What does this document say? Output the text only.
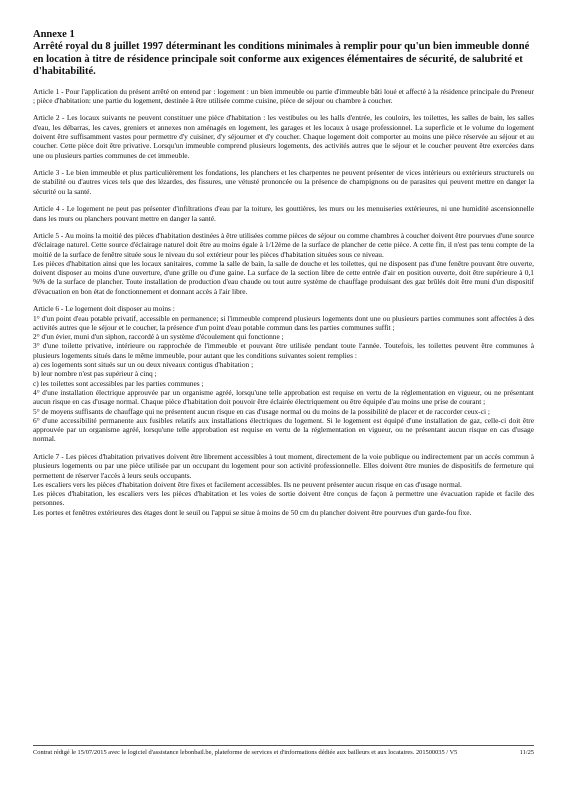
Annexe 1

Arrêté royal du 8 juillet 1997 déterminant les conditions minimales à remplir pour qu'un bien immeuble donné en location à titre de résidence principale soit conforme aux exigences élémentaires de sécurité, de salubrité et d'habitabilité.

Article 1 - Pour l'application du présent arrêté on entend par : logement : un bien immeuble ou partie d'immeuble bâti loué et affecté à la résidence principale du Preneur ; pièce d'habitation: une partie du logement, destinée à être utilisée comme cuisine, pièce de séjour ou chambre à coucher.

Article 2 - Les locaux suivants ne peuvent constituer une pièce d'habitation : les vestibules ou les halls d'entrée, les couloirs, les toilettes, les salles de bain, les salles d'eau, les débarras, les caves, greniers et annexes non aménagés en logement, les garages et les locaux à usage professionnel. La superficie et le volume du logement doivent être suffisamment vastes pour permettre d'y cuisiner, d'y séjourner et d'y coucher. Chaque logement doit comporter au moins une pièce réservée au séjour et au coucher. Cette pièce doit être privative. Lorsqu'un immeuble comprend plusieurs logements, des activités autres que le séjour et le coucher peuvent être exercées dans une ou plusieurs parties communes de cet immeuble.

Article 3 - Le bien immeuble et plus particulièrement les fondations, les planchers et les charpentes ne peuvent présenter de vices intérieurs ou extérieurs structurels ou de stabilité ou d'autres vices tels que des lézardes, des fissures, une vétusté prononcée ou la présence de champignons ou de parasites qui peuvent mettre en danger la sécurité ou la santé.

Article 4 - Le logement ne peut pas présenter d'infiltrations d'eau par la toiture, les gouttières, les murs ou les menuiseries extérieures, ni une humidité ascensionnelle dans les murs ou planchers pouvant mettre en danger la santé.

Article 5 - Au moins la moitié des pièces d'habitation destinées à être utilisées comme pièces de séjour ou comme chambres à coucher doivent être pourvues d'une source d'éclairage naturel. Cette source d'éclairage naturel doit être au moins égale à 1/12ème de la surface de plancher de cette pièce. A cette fin, il n'est pas tenu compte de la moitié de la surface de fenêtre située sous le niveau du sol extérieur pour les pièces d'habitation situées sous ce niveau.

Les pièces d'habitation ainsi que les locaux sanitaires, comme la salle de bain, la salle de douche et les toilettes, qui ne disposent pas d'une fenêtre pouvant être ouverte, doivent disposer au moins d'une ouverture, d'une grille ou d'une gaine. La surface de la section libre de cette entrée d'air en position ouverte, doit être supérieure à 0,1 %% de la surface de plancher. Toute installation de production d'eau chaude ou tout autre système de chauffage produisant des gaz brûlés doit être muni d'un dispositif d'évacuation en bon état de fonctionnement et donnant accès à l'air libre.

Article 6 - Le logement doit disposer au moins :

1° d'un point d'eau potable privatif, accessible en permanence; si l'immeuble comprend plusieurs logements dont une ou plusieurs parties communes sont affectées à des activités autres que le séjour et le coucher, la présence d'un point d'eau potable commun dans les parties communes suffit ;

2° d'un évier, muni d'un siphon, raccordé à un système d'écoulement qui fonctionne ;

3° d'une toilette privative, intérieure ou rapprochée de l'immeuble et pouvant être utilisée pendant toute l'année. Toutefois, les toilettes peuvent être communes à plusieurs logements situés dans le même immeuble, pour autant que les conditions suivantes soient remplies :

a) ces logements sont situés sur un ou deux niveaux contigus d'habitation ;

b) leur nombre n'est pas supérieur à cinq ;

c) les toilettes sont accessibles par les parties communes ;

4° d'une installation électrique approuvée par un organisme agréé, lorsqu'une telle approbation est requise en vertu de la réglementation en vigueur, ou ne présentant aucun risque en cas d'usage normal. Chaque pièce d'habitation doit pouvoir être éclairée électriquement ou être équipée d'au moins une prise de courant ;

5° de moyens suffisants de chauffage qui ne présentent aucun risque en cas d'usage normal ou du moins de la possibilité de placer et de raccorder ceux-ci ;

6° d'une accessibilité permanente aux fusibles relatifs aux installations électriques du logement. Si le logement est équipé d'une installation de gaz, celle-ci doit être approuvée par un organisme agréé, lorsqu'une telle approbation est requise en vertu de la réglementation en vigueur, ou ne présentant aucun risque en cas d'usage normal.

Article 7 - Les pièces d'habitation privatives doivent être librement accessibles à tout moment, directement de la voie publique ou indirectement par un accès commun à plusieurs logements ou par une pièce utilisée par un occupant du logement pour son activité professionnelle. Elles doivent être munies de dispositifs de fermeture qui permettent de réserver l'accès à leurs seuls occupants.

Les escaliers vers les pièces d'habitation doivent être fixes et facilement accessibles. Ils ne peuvent présenter aucun risque en cas d'usage normal.

Les pièces d'habitation, les escaliers vers les pièces d'habitation et les voies de sortie doivent être conçus de façon à permettre une évacuation rapide et facile des personnes.

Les portes et fenêtres extérieures des étages dont le seuil ou l'appui se situe à moins de 50 cm du plancher doivent être pourvues d'un garde-fou fixe.

Contrat rédigé le 15/07/2015 avec le logiciel d'assistance lebonbail.be, plateforme de services et d'informations dédiée aux bailleurs et aux locataires. 201500035 / V5	11/25
